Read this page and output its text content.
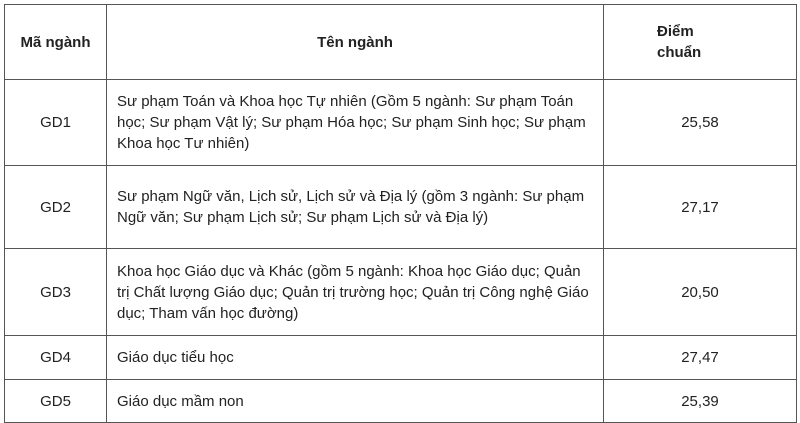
Mã ngành	Tên ngành	Điểm
chuẩn

GD1	Sư phạm Toán và Khoa học Tự nhiên (Gồm 5 ngành: Sư phạm Toán học; Sư phạm Vật lý; Sư phạm Hóa học; Sư phạm Sinh học; Sư phạm Khoa học Tư nhiên)	25,58
GD2	Sư phạm Ngữ văn, Lịch sử, Lịch sử và Địa lý (gồm 3 ngành: Sư phạm Ngữ văn; Sư phạm Lịch sử; Sư phạm Lịch sử và Địa lý)	27,17
GD3	Khoa học Giáo dục và Khác (gồm 5 ngành: Khoa học Giáo dục; Quản trị Chất lượng Giáo dục; Quản trị trường học; Quản trị Công nghệ Giáo dục; Tham vấn học đường)	20,50
GD4	Giáo dục tiểu học	27,47
GD5	Giáo dục mầm non	25,39
